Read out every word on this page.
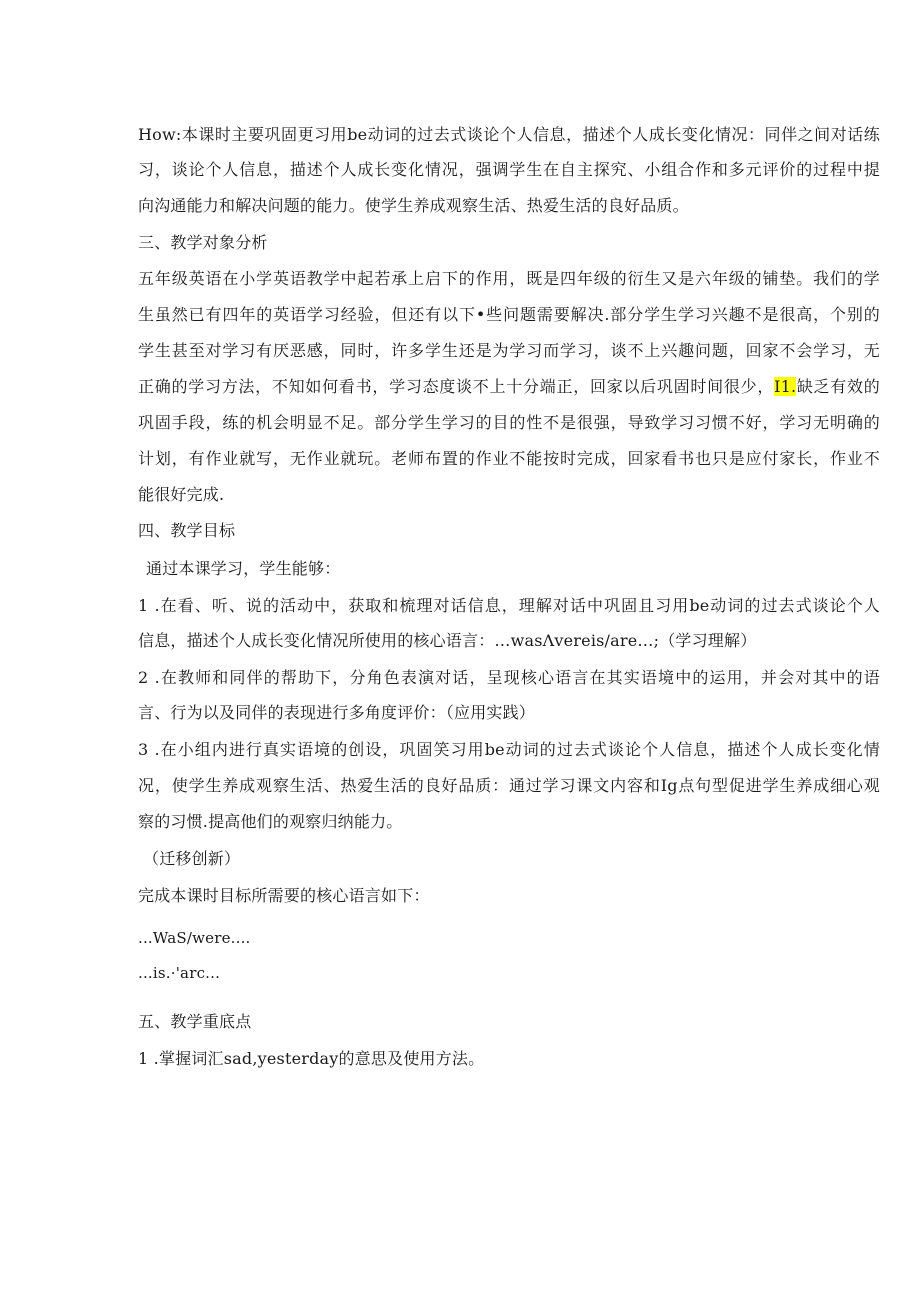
How:本课时主要巩固更习用be动词的过去式谈论个人信息，描述个人成长变化情况：同伴之间对话练
习，谈论个人信息，描述个人成长变化情况，强调学生在自主探究、小组合作和多元评价的过程中提
向沟通能力和解决问题的能力。使学生养成观察生活、热爱生活的良好品质。
三、教学对象分析
五年级英语在小学英语教学中起若承上启下的作用，既是四年级的衍生又是六年级的铺垫。我们的学
生虽然已有四年的英语学习经验，但还有以下•些问题需要解决.部分学生学习兴趣不是很高，个别的
学生甚至对学习有厌恶感，同时，许多学生还是为学习而学习，谈不上兴趣问题，回家不会学习，无
正确的学习方法，不知如何看书，学习态度谈不上十分端正，回家以后巩固时间很少，I1.缺乏有效的
巩固手段，练的机会明显不足。部分学生学习的目的性不是很强，导致学习习惯不好，学习无明确的
计划，有作业就写，无作业就玩。老师布置的作业不能按时完成，回家看书也只是应付家长，作业不
能很好完成.
四、教学目标
通过本课学习，学生能够：
1 .在看、听、说的活动中，获取和梳理对话信息，理解对话中巩固且习用be动词的过去式谈论个人
信息，描述个人成长变化情况所使用的核心语言：…wasΛvereis/are…;（学习理解）
2 .在教师和同伴的帮助下，分角色表演对话，呈现核心语言在其实语境中的运用，并会对其中的语
言、行为以及同伴的表现进行多角度评价：（应用实践）
3 .在小组内进行真实语境的创设，巩固笑习用be动词的过去式谈论个人信息，描述个人成长变化情
况，使学生养成观察生活、热爱生活的良好品质：通过学习课文内容和Ig点句型促进学生养成细心观
察的习惯.提高他们的观察归纳能力。
（迁移创新）
完成本课时目标所需要的核心语言如下：
...WaS/were....
...is.·'arc...
五、教学重底点
1 .掌握词汇sad,yesterday的意思及使用方法。
